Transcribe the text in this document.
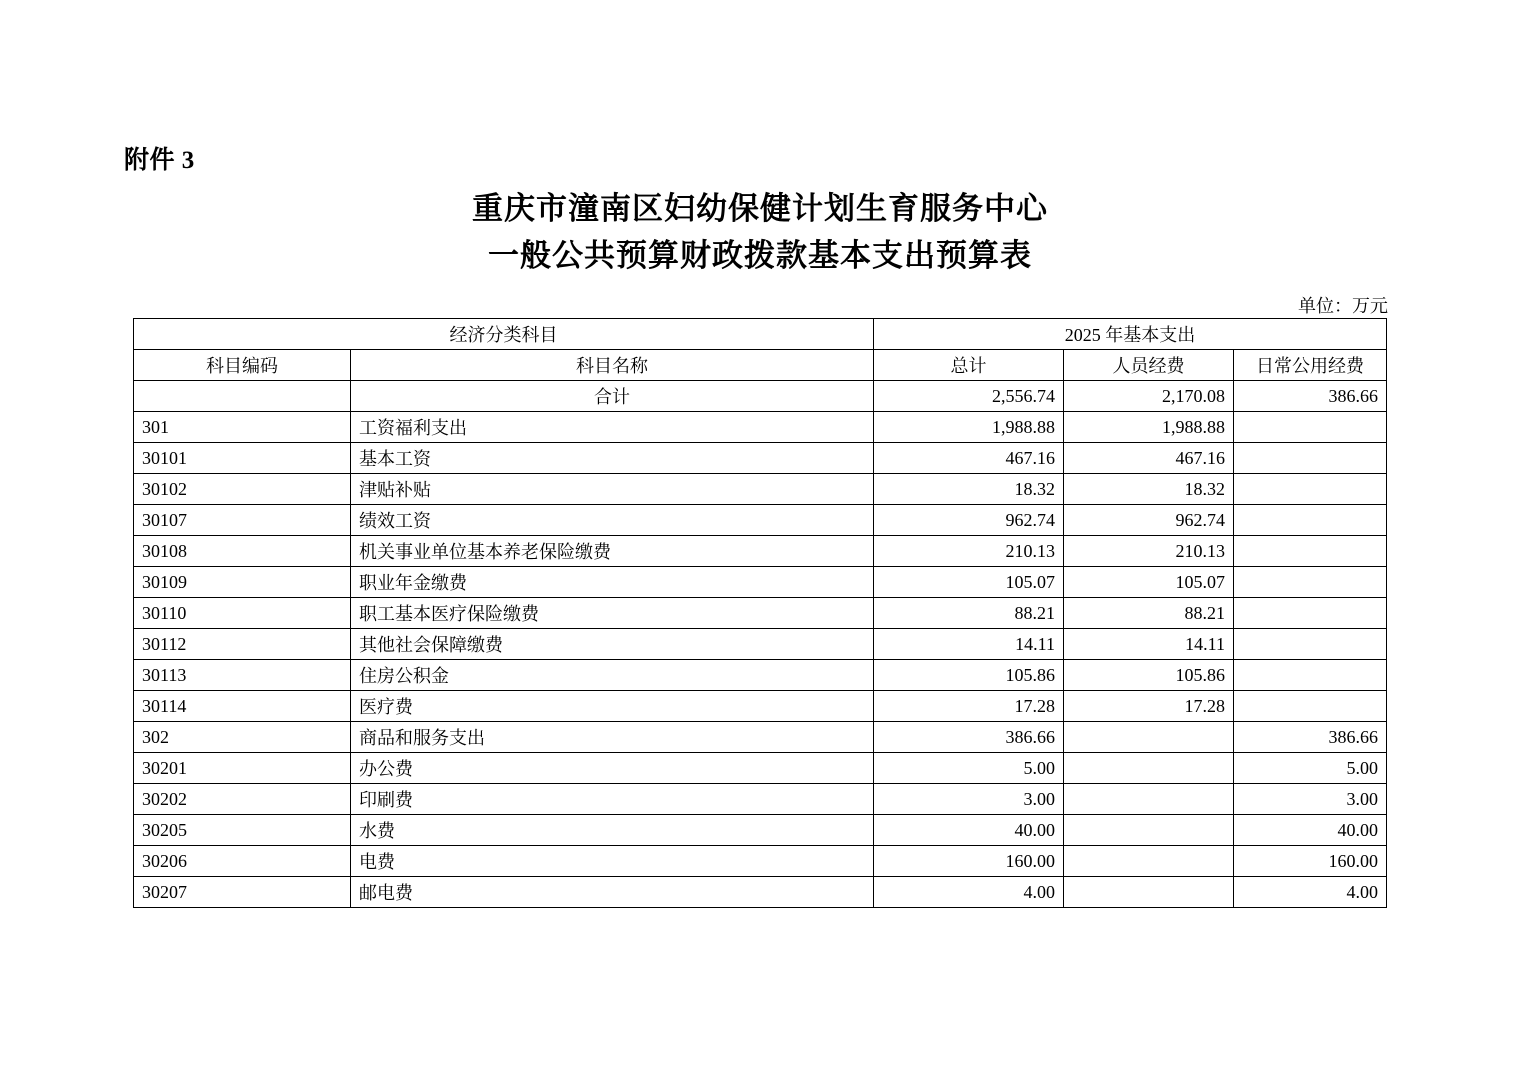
附件 3
重庆市潼南区妇幼保健计划生育服务中心
一般公共预算财政拨款基本支出预算表
单位：万元
经济分类科目		2025 年基本支出		
科目编码	科目名称	总计	人员经费	日常公用经费
	合计	2,556.74	2,170.08	386.66
301	工资福利支出	1,988.88	1,988.88	
30101	基本工资	467.16	467.16	
30102	津贴补贴	18.32	18.32	
30107	绩效工资	962.74	962.74	
30108	机关事业单位基本养老保险缴费	210.13	210.13	
30109	职业年金缴费	105.07	105.07	
30110	职工基本医疗保险缴费	88.21	88.21	
30112	其他社会保障缴费	14.11	14.11	
30113	住房公积金	105.86	105.86	
30114	医疗费	17.28	17.28	
302	商品和服务支出	386.66		386.66
30201	办公费	5.00		5.00
30202	印刷费	3.00		3.00
30205	水费	40.00		40.00
30206	电费	160.00		160.00
30207	邮电费	4.00		4.00
